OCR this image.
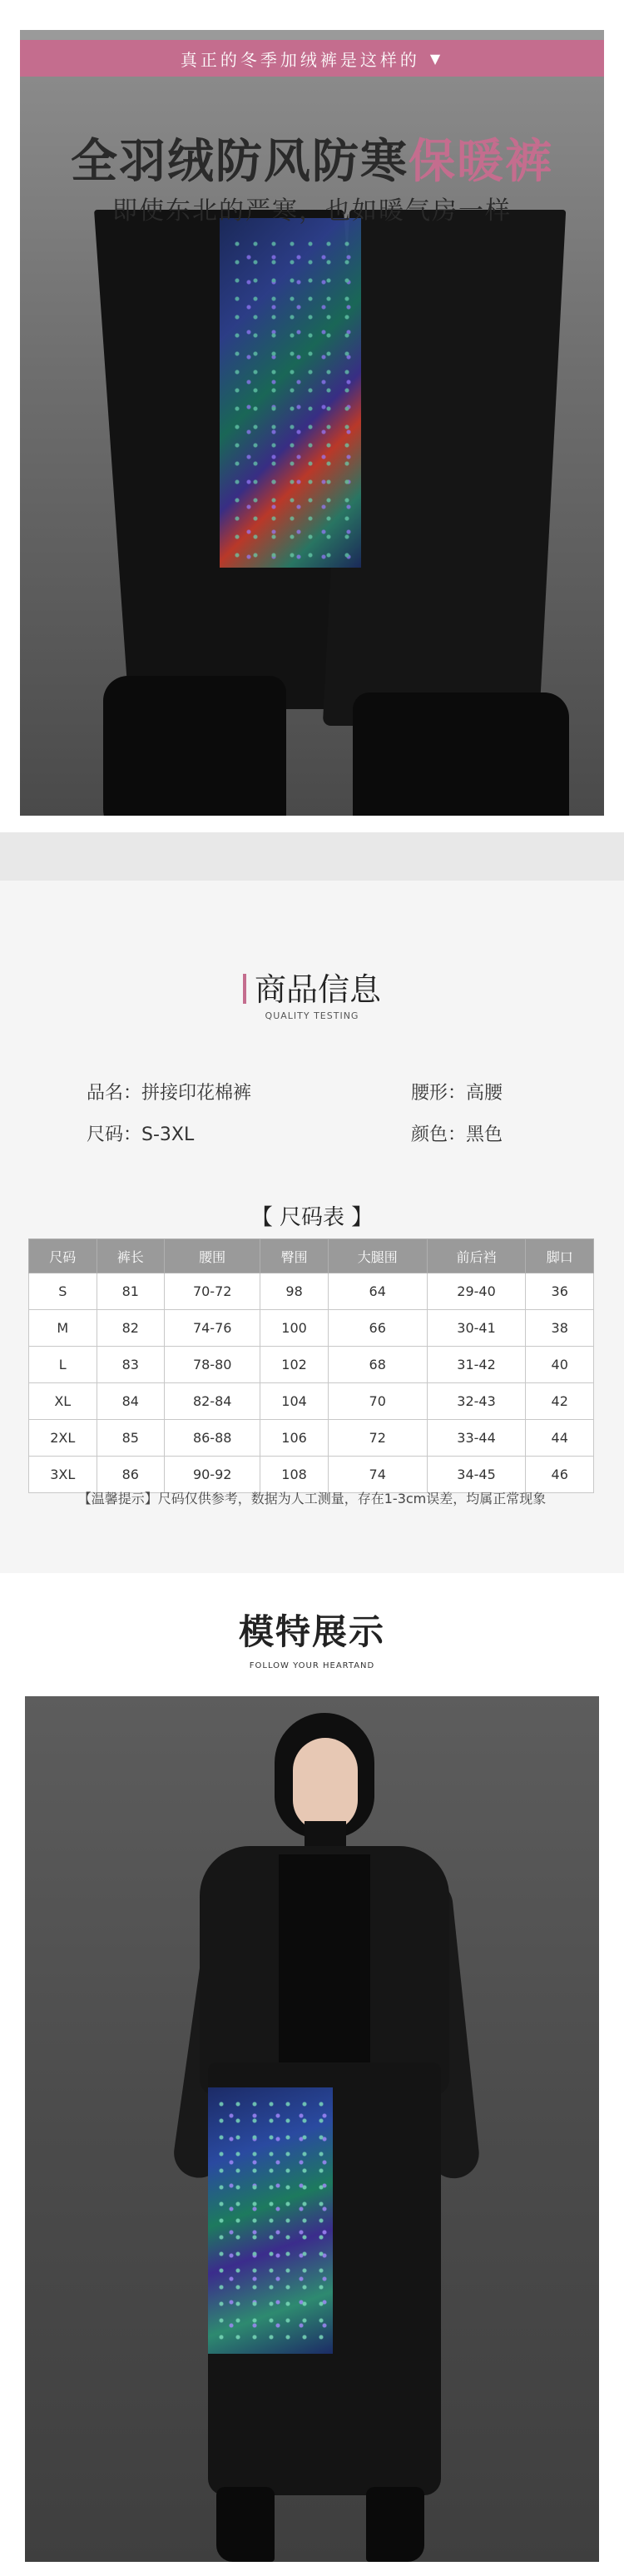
真正的冬季加绒裤是这样的 ▼
全羽绒防风防寒保暖裤
即使东北的严寒，也如暖气房一样
商品信息
QUALITY TESTING
品名：拼接印花棉裤	腰形：高腰
尺码：S-3XL	颜色：黑色
【 尺码表 】
尺码	裤长	腰围	臀围	大腿围	前后裆	脚口
S	81	70-72	98	64	29-40	36
M	82	74-76	100	66	30-41	38
L	83	78-80	102	68	31-42	40
XL	84	82-84	104	70	32-43	42
2XL	85	86-88	106	72	33-44	44
3XL	86	90-92	108	74	34-45	46
【温馨提示】尺码仅供参考，数据为人工测量，存在1-3cm误差，均属正常现象
模特展示
FOLLOW YOUR HEARTAND
